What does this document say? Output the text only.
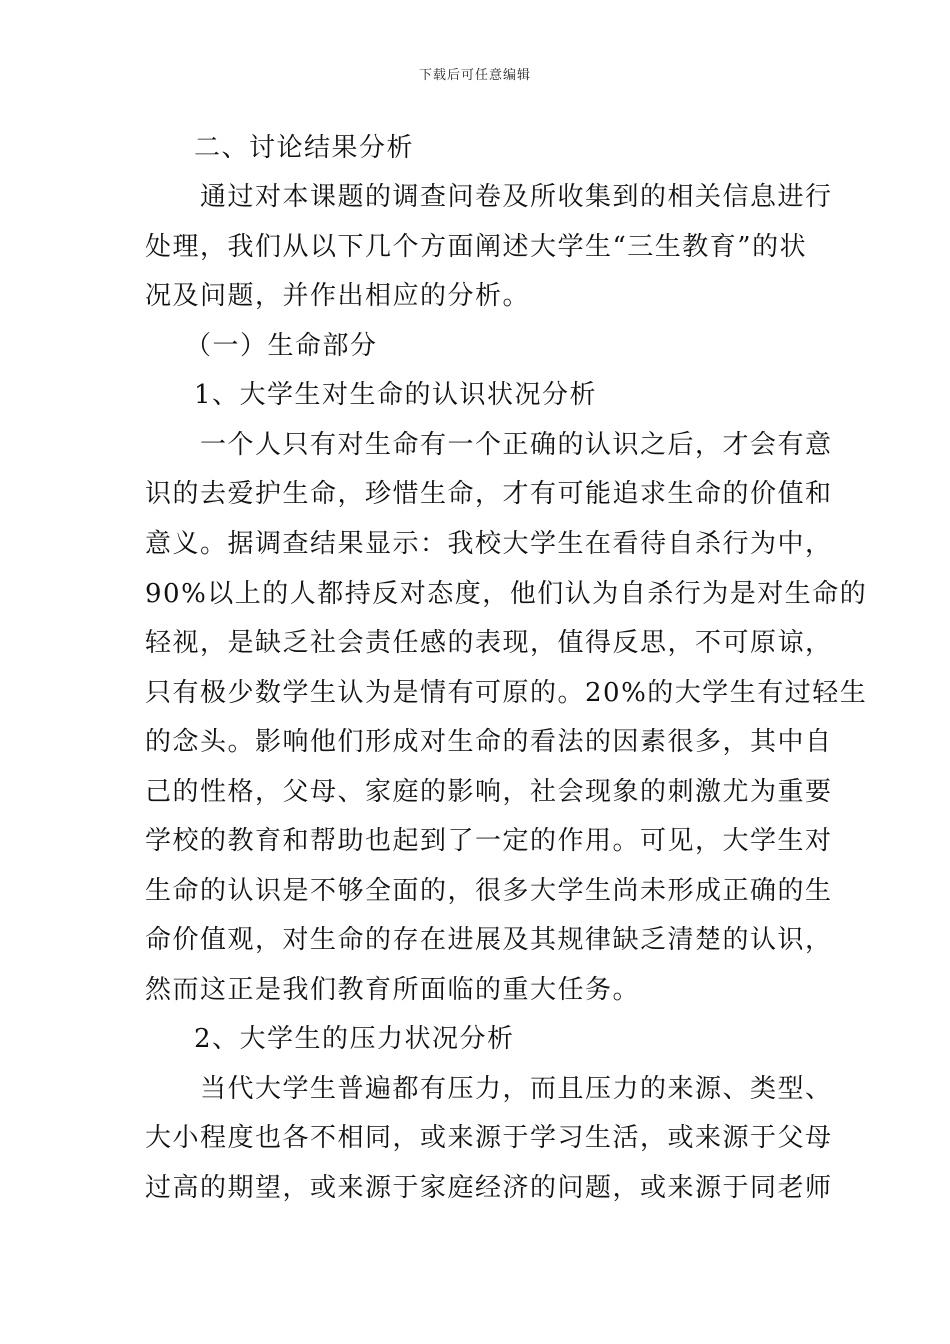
下载后可任意编辑
二、讨论结果分析
通过对本课题的调查问卷及所收集到的相关信息进行
处理，我们从以下几个方面阐述大学生“三生教育”的状
况及问题，并作出相应的分析。
（一）生命部分
1、大学生对生命的认识状况分析
一个人只有对生命有一个正确的认识之后，才会有意
识的去爱护生命，珍惜生命，才有可能追求生命的价值和
意义。据调查结果显示：我校大学生在看待自杀行为中，
90%以上的人都持反对态度，他们认为自杀行为是对生命的
轻视，是缺乏社会责任感的表现，值得反思，不可原谅，
只有极少数学生认为是情有可原的。20%的大学生有过轻生
的念头。影响他们形成对生命的看法的因素很多，其中自
己的性格，父母、家庭的影响，社会现象的刺激尤为重要
学校的教育和帮助也起到了一定的作用。可见，大学生对
生命的认识是不够全面的，很多大学生尚未形成正确的生
命价值观，对生命的存在进展及其规律缺乏清楚的认识，
然而这正是我们教育所面临的重大任务。
2、大学生的压力状况分析
当代大学生普遍都有压力，而且压力的来源、类型、
大小程度也各不相同，或来源于学习生活，或来源于父母
过高的期望，或来源于家庭经济的问题，或来源于同老师
